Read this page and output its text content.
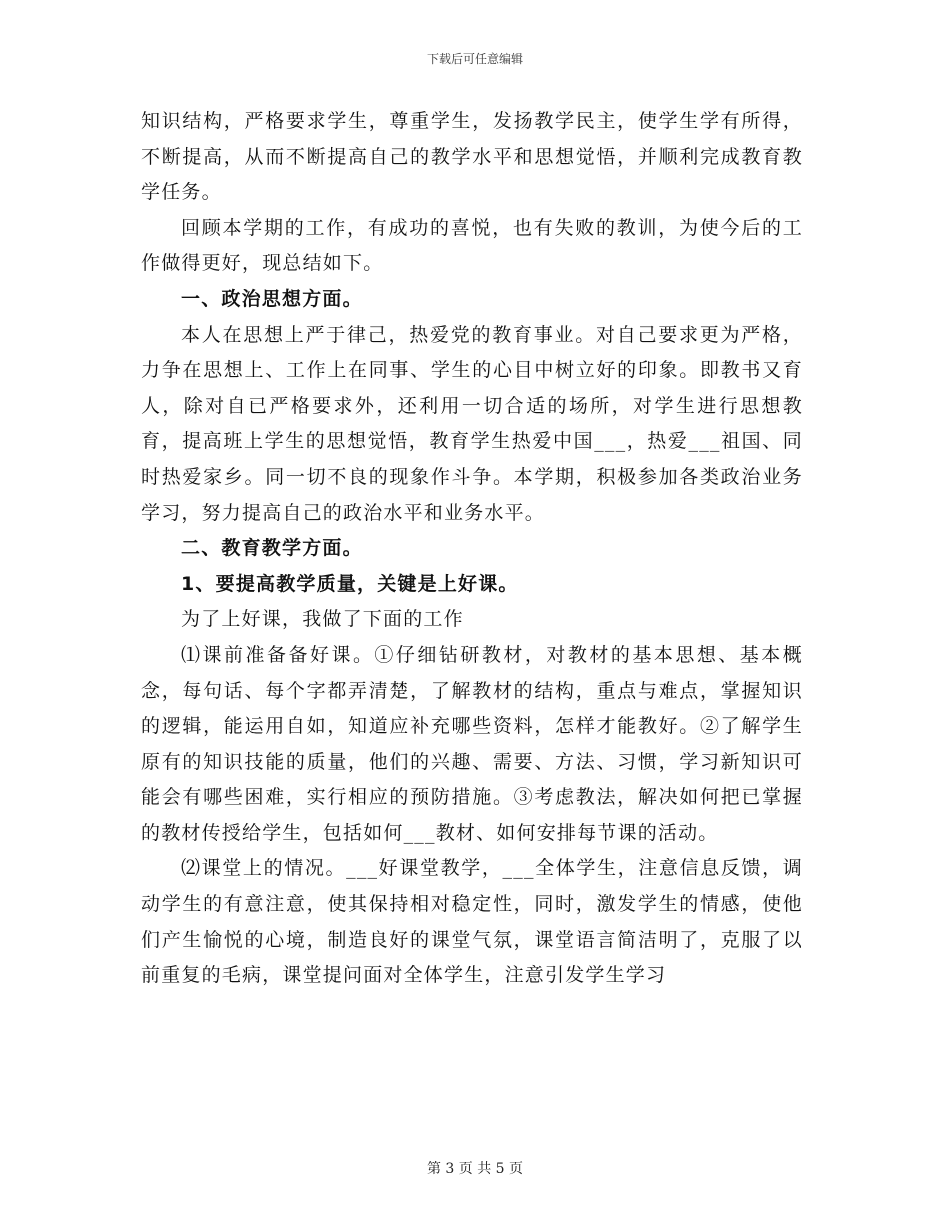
下载后可任意编辑

知识结构，严格要求学生，尊重学生，发扬教学民主，使学生学有所得，不断提高，从而不断提高自己的教学水平和思想觉悟，并顺利完成教育教学任务。

回顾本学期的工作，有成功的喜悦，也有失败的教训，为使今后的工作做得更好，现总结如下。

一、政治思想方面。

本人在思想上严于律己，热爱党的教育事业。对自己要求更为严格，力争在思想上、工作上在同事、学生的心目中树立好的印象。即教书又育人，除对自已严格要求外，还利用一切合适的场所，对学生进行思想教育，提高班上学生的思想觉悟，教育学生热爱中国___，热爱___祖国、同时热爱家乡。同一切不良的现象作斗争。本学期，积极参加各类政治业务学习，努力提高自己的政治水平和业务水平。

二、教育教学方面。

1、要提高教学质量，关键是上好课。

为了上好课，我做了下面的工作

⑴课前准备备好课。①仔细钻研教材，对教材的基本思想、基本概念，每句话、每个字都弄清楚，了解教材的结构，重点与难点，掌握知识的逻辑，能运用自如，知道应补充哪些资料，怎样才能教好。②了解学生原有的知识技能的质量，他们的兴趣、需要、方法、习惯，学习新知识可能会有哪些困难，实行相应的预防措施。③考虑教法，解决如何把已掌握的教材传授给学生，包括如何___教材、如何安排每节课的活动。

⑵课堂上的情况。___好课堂教学，___全体学生，注意信息反馈，调动学生的有意注意，使其保持相对稳定性，同时，激发学生的情感，使他们产生愉悦的心境，制造良好的课堂气氛，课堂语言简洁明了，克服了以前重复的毛病，课堂提问面对全体学生，注意引发学生学习

第 3 页 共 5 页
